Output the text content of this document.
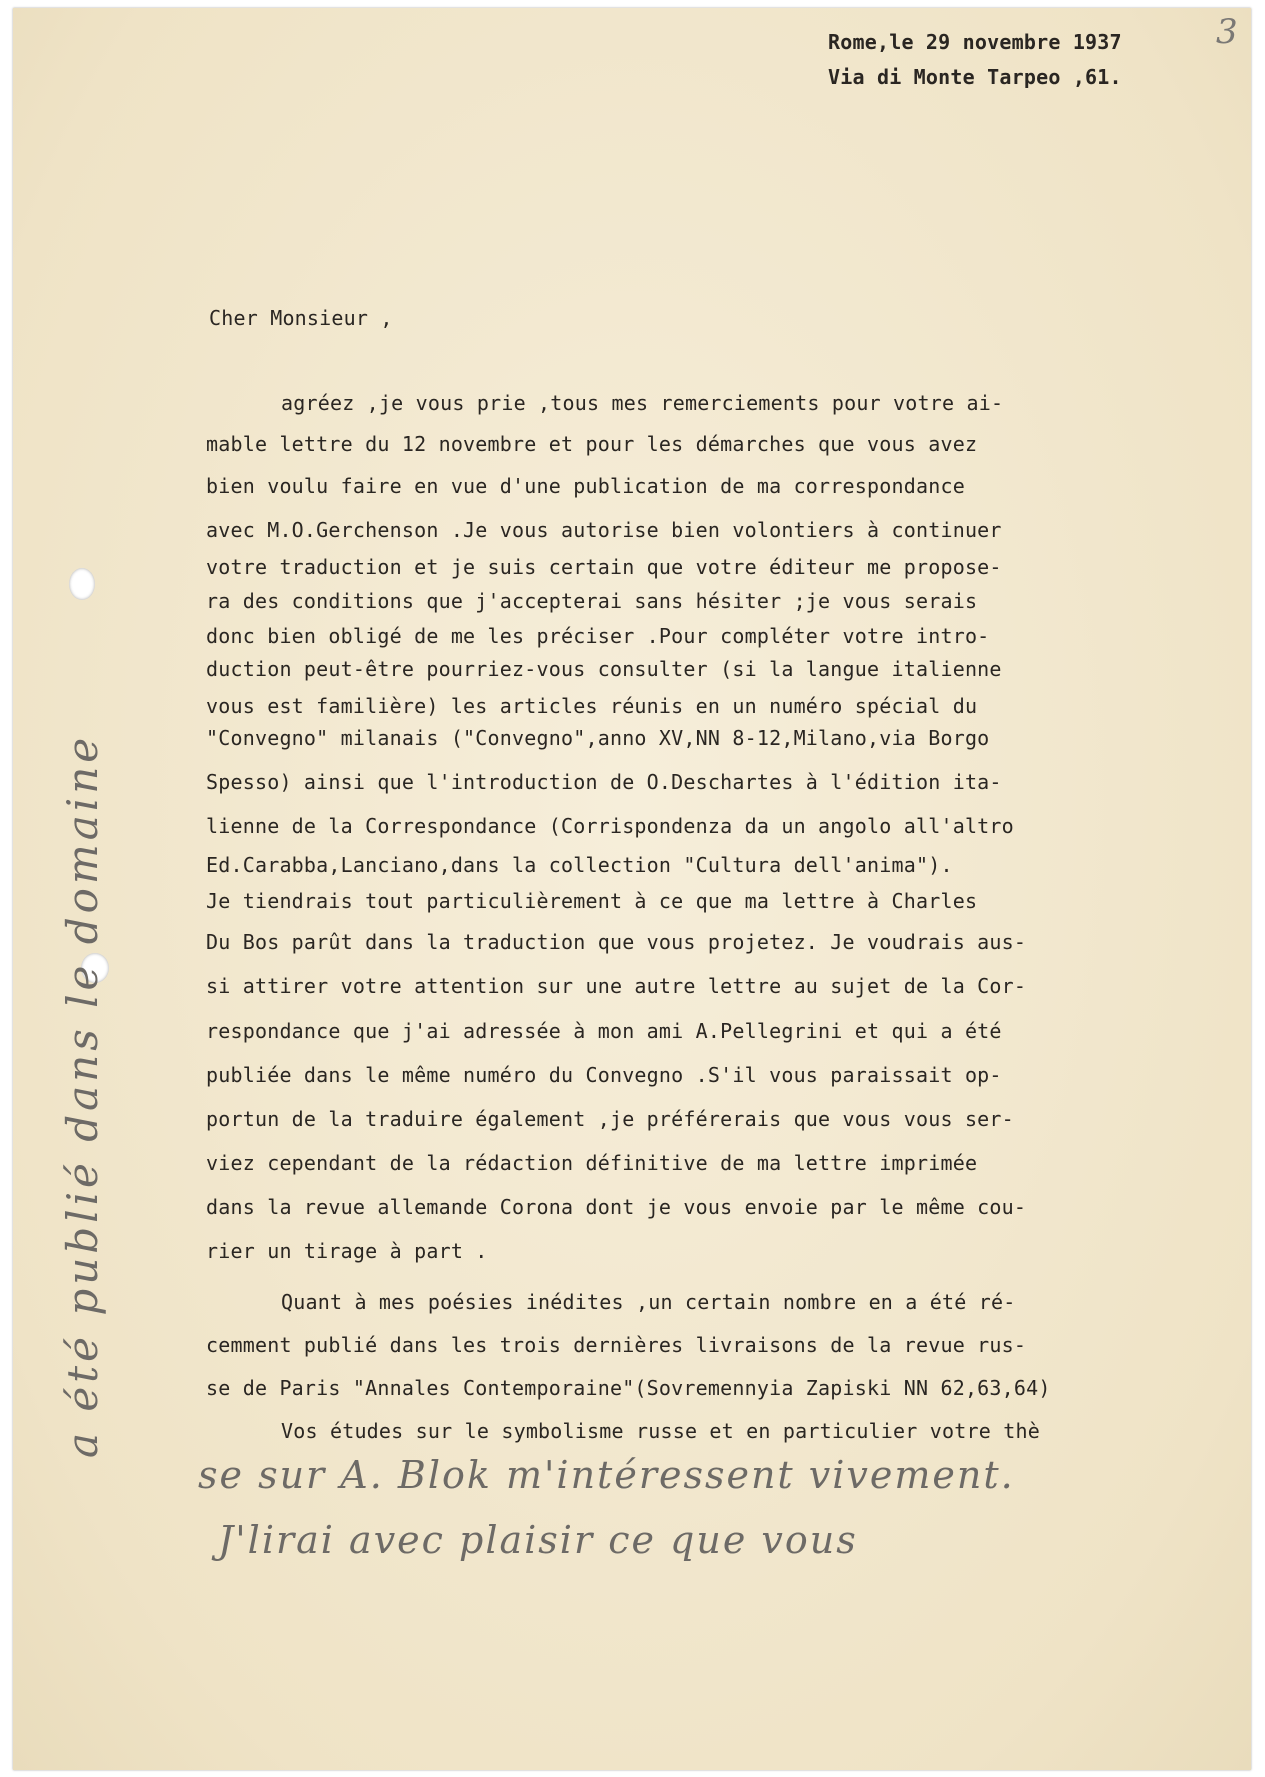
3
Rome,le 29 novembre 1937
Via di Monte Tarpeo ,61.
Cher Monsieur ,
agréez ,je vous prie ,tous mes remerciements pour votre ai-
mable lettre du 12 novembre et pour les démarches que vous avez
bien voulu faire en vue d'une publication de ma correspondance
avec M.O.Gerchenson .Je vous autorise bien volontiers à continuer
votre traduction et je suis certain que votre éditeur me propose-
ra des conditions que j'accepterai sans hésiter ;je vous serais
donc bien obligé de me les préciser .Pour compléter votre intro-
duction peut-être pourriez-vous consulter (si la langue italienne
vous est familière) les articles réunis en un numéro spécial du
"Convegno" milanais ("Convegno",anno XV,NN 8-12,Milano,via Borgo
Spesso) ainsi que l'introduction de O.Deschartes à l'édition ita-
lienne de la Correspondance (Corrispondenza da un angolo all'altro
Ed.Carabba,Lanciano,dans la collection "Cultura dell'anima").
Je tiendrais tout particulièrement à ce que ma lettre à Charles
Du Bos parût dans la traduction que vous projetez. Je voudrais aus-
si attirer votre attention sur une autre lettre au sujet de la Cor-
respondance que j'ai adressée à mon ami A.Pellegrini et qui a été
publiée dans le même numéro du Convegno .S'il vous paraissait op-
portun de la traduire également ,je préférerais que vous vous ser-
viez cependant de la rédaction définitive de ma lettre imprimée
dans la revue allemande Corona dont je vous envoie par le même cou-
rier un tirage à part .
Quant à mes poésies inédites ,un certain nombre en a été ré-
cemment publié dans les trois dernières livraisons de la revue rus-
se de Paris "Annales Contemporaine"(Sovremennyia Zapiski NN 62,63,64)
Vos études sur le symbolisme russe et en particulier votre thè
se sur A. Blok m'intéressent vivement.
J'lirai avec plaisir ce que vous
a été publié dans le domaine
